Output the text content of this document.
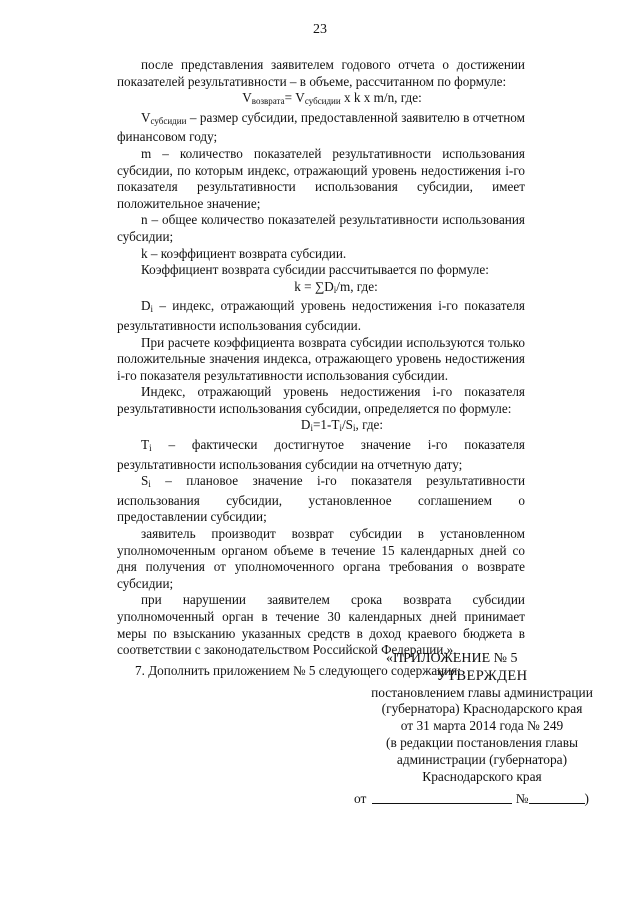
23

после представления заявителем годового отчета о достижении показателей результативности – в объеме, рассчитанном по формуле:

$V_{возврата}= V_{субсидии}$ x k x m/n, где:

$V_{субсидии}$ – размер субсидии, предоставленной заявителю в отчетном финансовом году;

m – количество показателей результативности использования субсидии, по которым индекс, отражающий уровень недостижения i-го показателя результативности использования субсидии, имеет положительное значение;

n – общее количество показателей результативности использования субсидии;

k – коэффициент возврата субсидии.

Коэффициент возврата субсидии рассчитывается по формуле:

$k = \sum D_i/m$, где:

$D_i$ – индекс, отражающий уровень недостижения i-го показателя результативности использования субсидии.

При расчете коэффициента возврата субсидии используются только положительные значения индекса, отражающего уровень недостижения i-го показателя результативности использования субсидии.

Индекс, отражающий уровень недостижения i-го показателя результативности использования субсидии, определяется по формуле:

$D_i=1-T_i/S_i$, где:

$T_i$ – фактически достигнутое значение i-го показателя результативности использования субсидии на отчетную дату;

$S_i$ – плановое значение i-го показателя результативности использования субсидии, установленное соглашением о предоставлении субсидии;

заявитель производит возврат субсидии в установленном уполномоченным органом объеме в течение 15 календарных дней со дня получения от уполномоченного органа требования о возврате субсидии;

при нарушении заявителем срока возврата субсидии уполномоченный орган в течение 30 календарных дней принимает меры по взысканию указанных средств в доход краевого бюджета в соответствии с законодательством Российской Федерации.».

7. Дополнить приложением № 5 следующего содержания:

«ПРИЛОЖЕНИЕ № 5

УТВЕРЖДЕН

постановлением главы администрации

(губернатора) Краснодарского края

от 31 марта 2014 года № 249

(в редакции постановления главы

администрации (губернатора)

Краснодарского края

от	№	)
